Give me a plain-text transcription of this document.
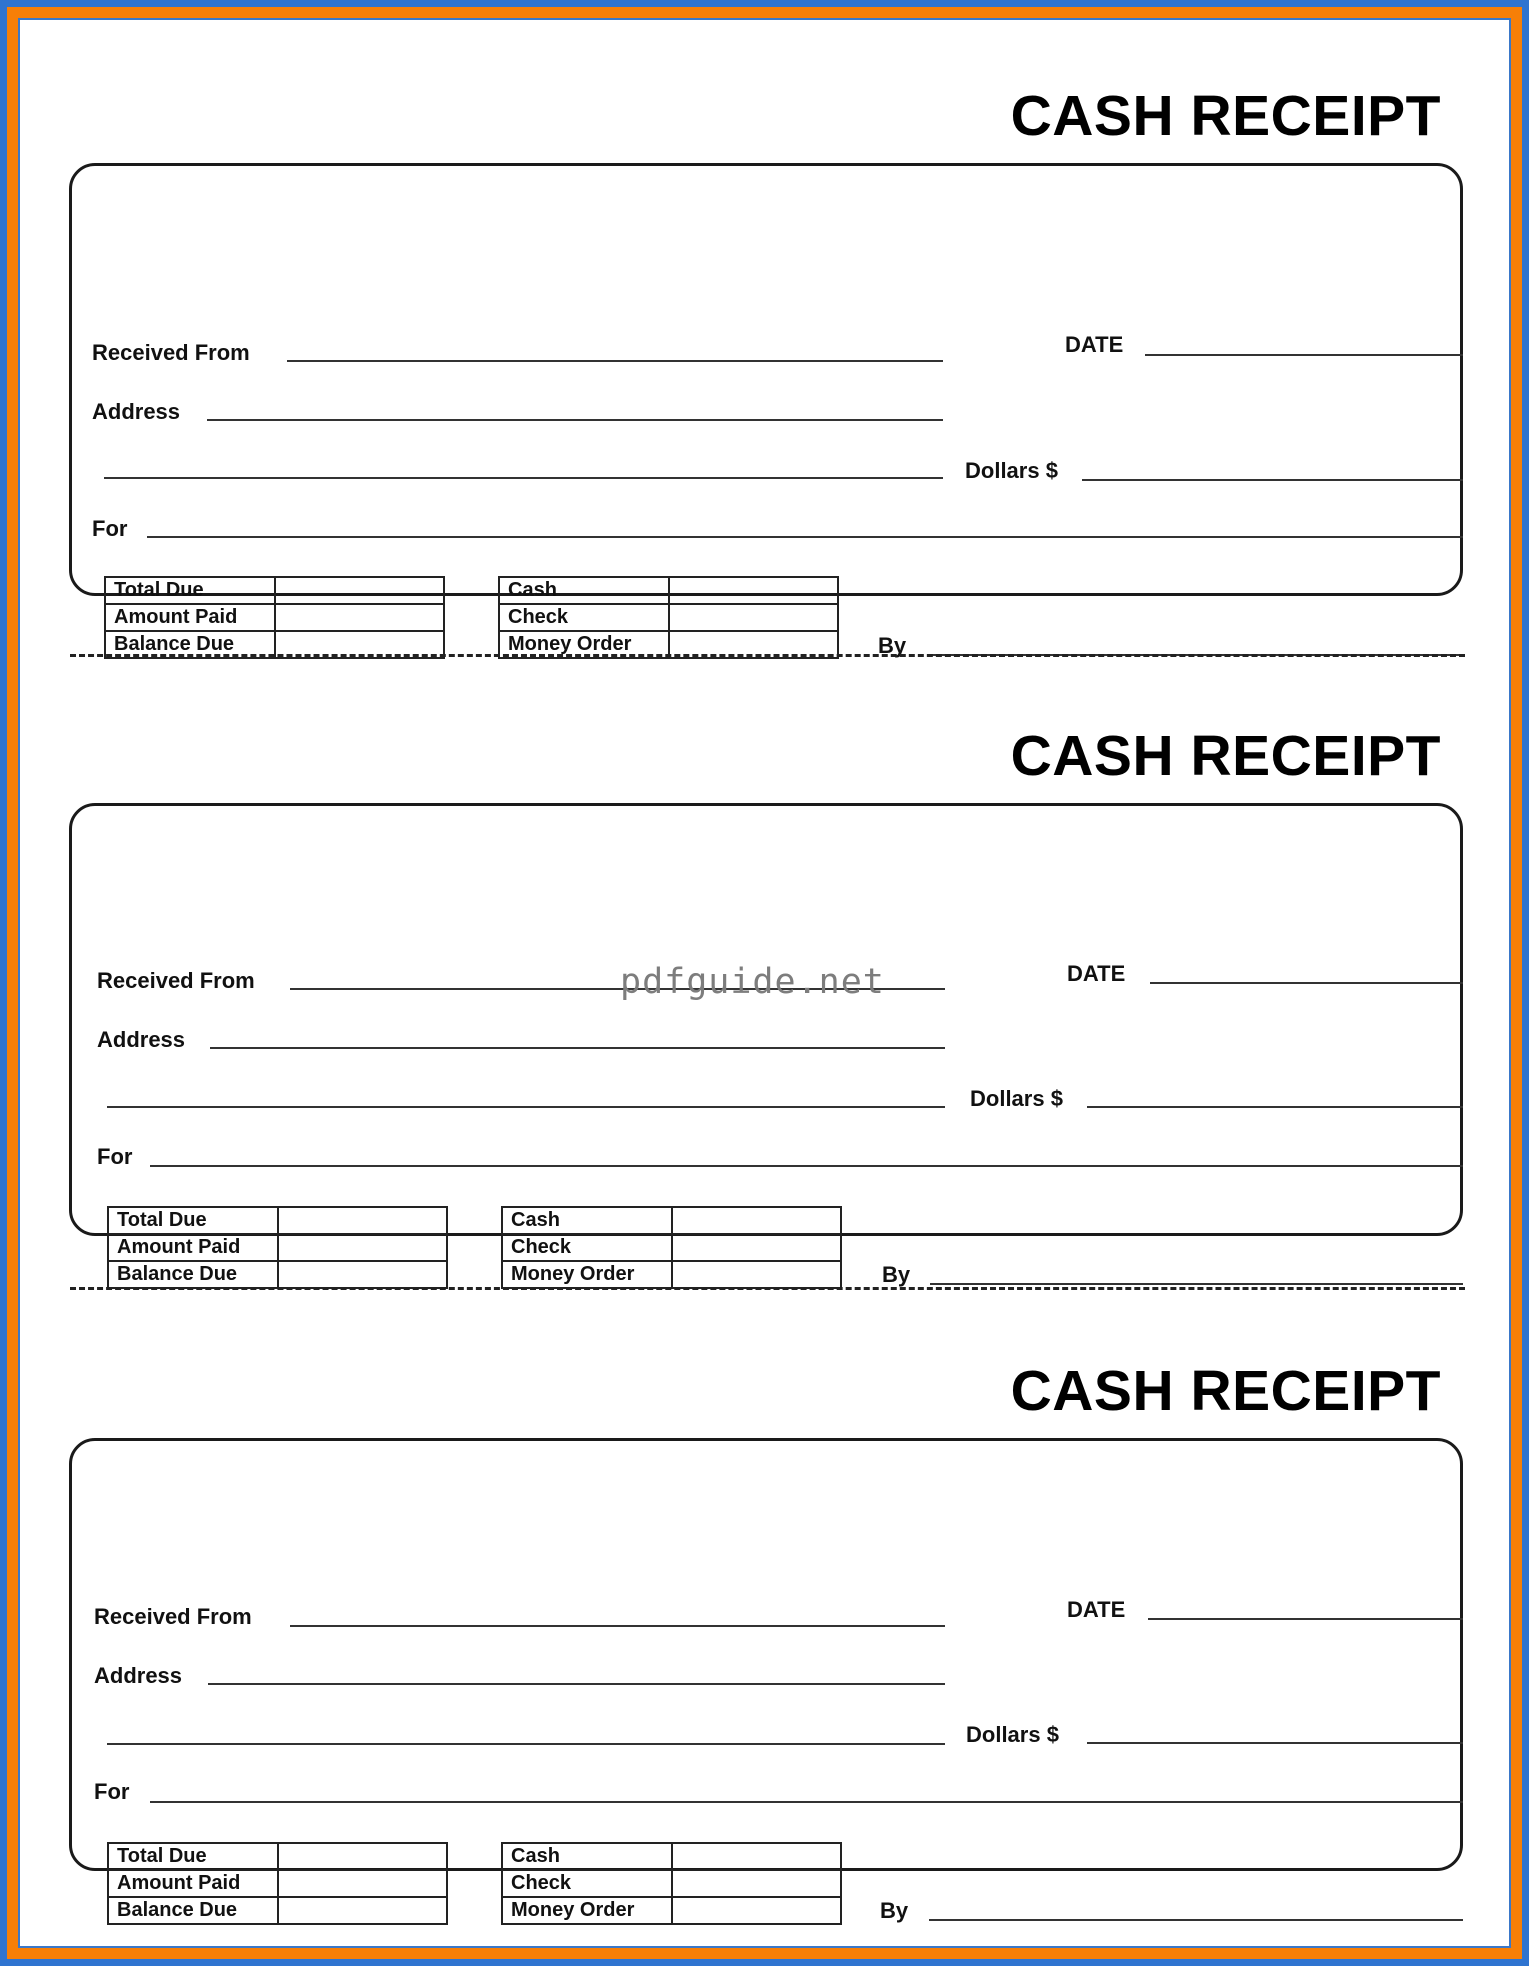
CASH RECEIPT
Received From	DATE
Address
Dollars $
For
Total Due	
Amount Paid	
Balance Due	
Cash	
Check	
Money Order		By
CASH RECEIPT
Received From	DATE
Address
Dollars $
For
Total Due	
Amount Paid	
Balance Due	
Cash	
Check	
Money Order		By
CASH RECEIPT
Received From	DATE
Address
Dollars $
For
Total Due	
Amount Paid	
Balance Due	
Cash	
Check	
Money Order		By
pdfguide.net
